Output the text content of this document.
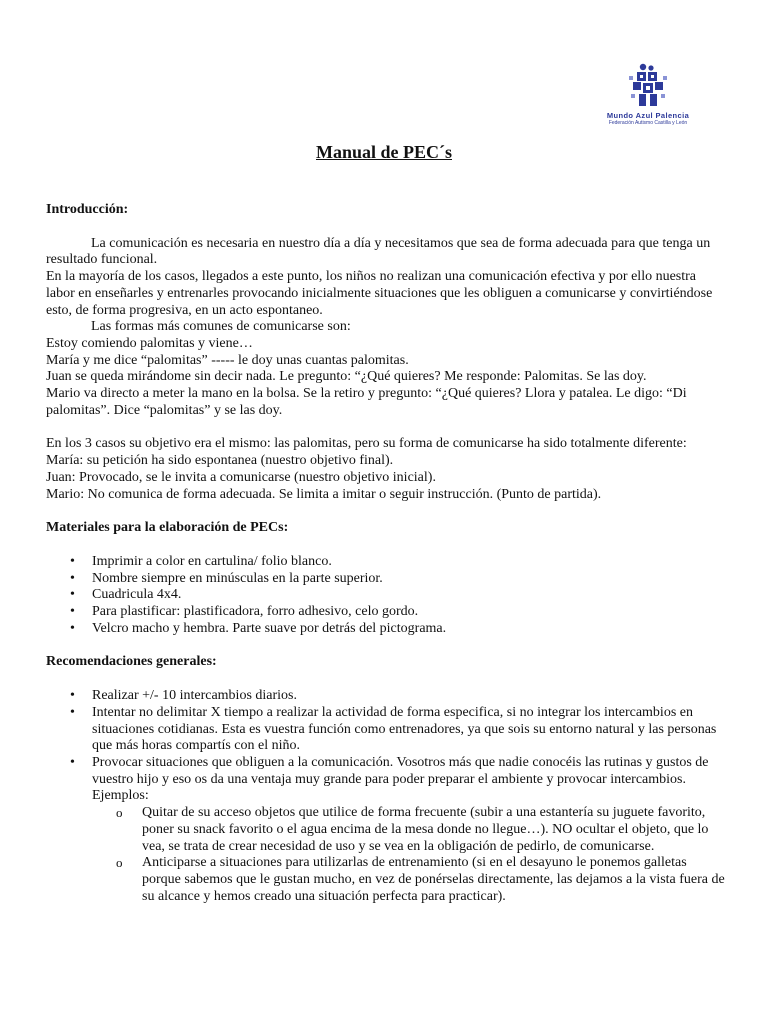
Mundo Azul Palencia
Federación Autismo Castilla y León
Manual de PEC´s

Introducción:

La comunicación es necesaria en nuestro día a día y necesitamos que sea de forma adecuada para que tenga un resultado funcional.

En la mayoría de los casos, llegados a este punto, los niños no realizan una comunicación efectiva y por ello nuestra labor en enseñarles y entrenarles provocando inicialmente situaciones que les obliguen a comunicarse y convirtiéndose esto, de forma progresiva, en un acto espontaneo.

Las formas más comunes de comunicarse son:

Estoy comiendo palomitas y viene…

María y me dice “palomitas” ----- le doy unas cuantas palomitas.

Juan se queda mirándome sin decir nada. Le pregunto: “¿Qué quieres? Me responde: Palomitas. Se las doy.

Mario va directo a meter la mano en la bolsa. Se la retiro y pregunto: “¿Qué quieres? Llora y patalea. Le digo: “Di palomitas”. Dice “palomitas” y se las doy.

En los 3 casos su objetivo era el mismo: las palomitas, pero su forma de comunicarse ha sido totalmente diferente:

María: su petición ha sido espontanea (nuestro objetivo final).

Juan: Provocado, se le invita a comunicarse (nuestro objetivo inicial).

Mario: No comunica de forma adecuada. Se limita a imitar o seguir instrucción. (Punto de partida).

Materiales para la elaboración de PECs:

• Imprimir a color en cartulina/ folio blanco.
• Nombre siempre en minúsculas en la parte superior.
• Cuadricula 4x4.
• Para plastificar: plastificadora, forro adhesivo, celo gordo.
• Velcro macho y hembra. Parte suave por detrás del pictograma.

Recomendaciones generales:

• Realizar +/- 10 intercambios diarios.
• Intentar no delimitar X tiempo a realizar la actividad de forma especifica, si no integrar los intercambios en situaciones cotidianas. Esta es vuestra función como entrenadores, ya que sois su entorno natural y las personas que más horas compartís con el niño.
• Provocar situaciones que obliguen a la comunicación. Vosotros más que nadie conocéis las rutinas y gustos de vuestro hijo y eso os da una ventaja muy grande para poder preparar el ambiente y provocar intercambios. Ejemplos:
o Quitar de su acceso objetos que utilice de forma frecuente (subir a una estantería su juguete favorito, poner su snack favorito o el agua encima de la mesa donde no llegue…). NO ocultar el objeto, que lo vea, se trata de crear necesidad de uso y se vea en la obligación de pedirlo, de comunicarse.
o Anticiparse a situaciones para utilizarlas de entrenamiento (si en el desayuno le ponemos galletas porque sabemos que le gustan mucho, en vez de ponérselas directamente, las dejamos a la vista fuera de su alcance y hemos creado una situación perfecta para practicar).
